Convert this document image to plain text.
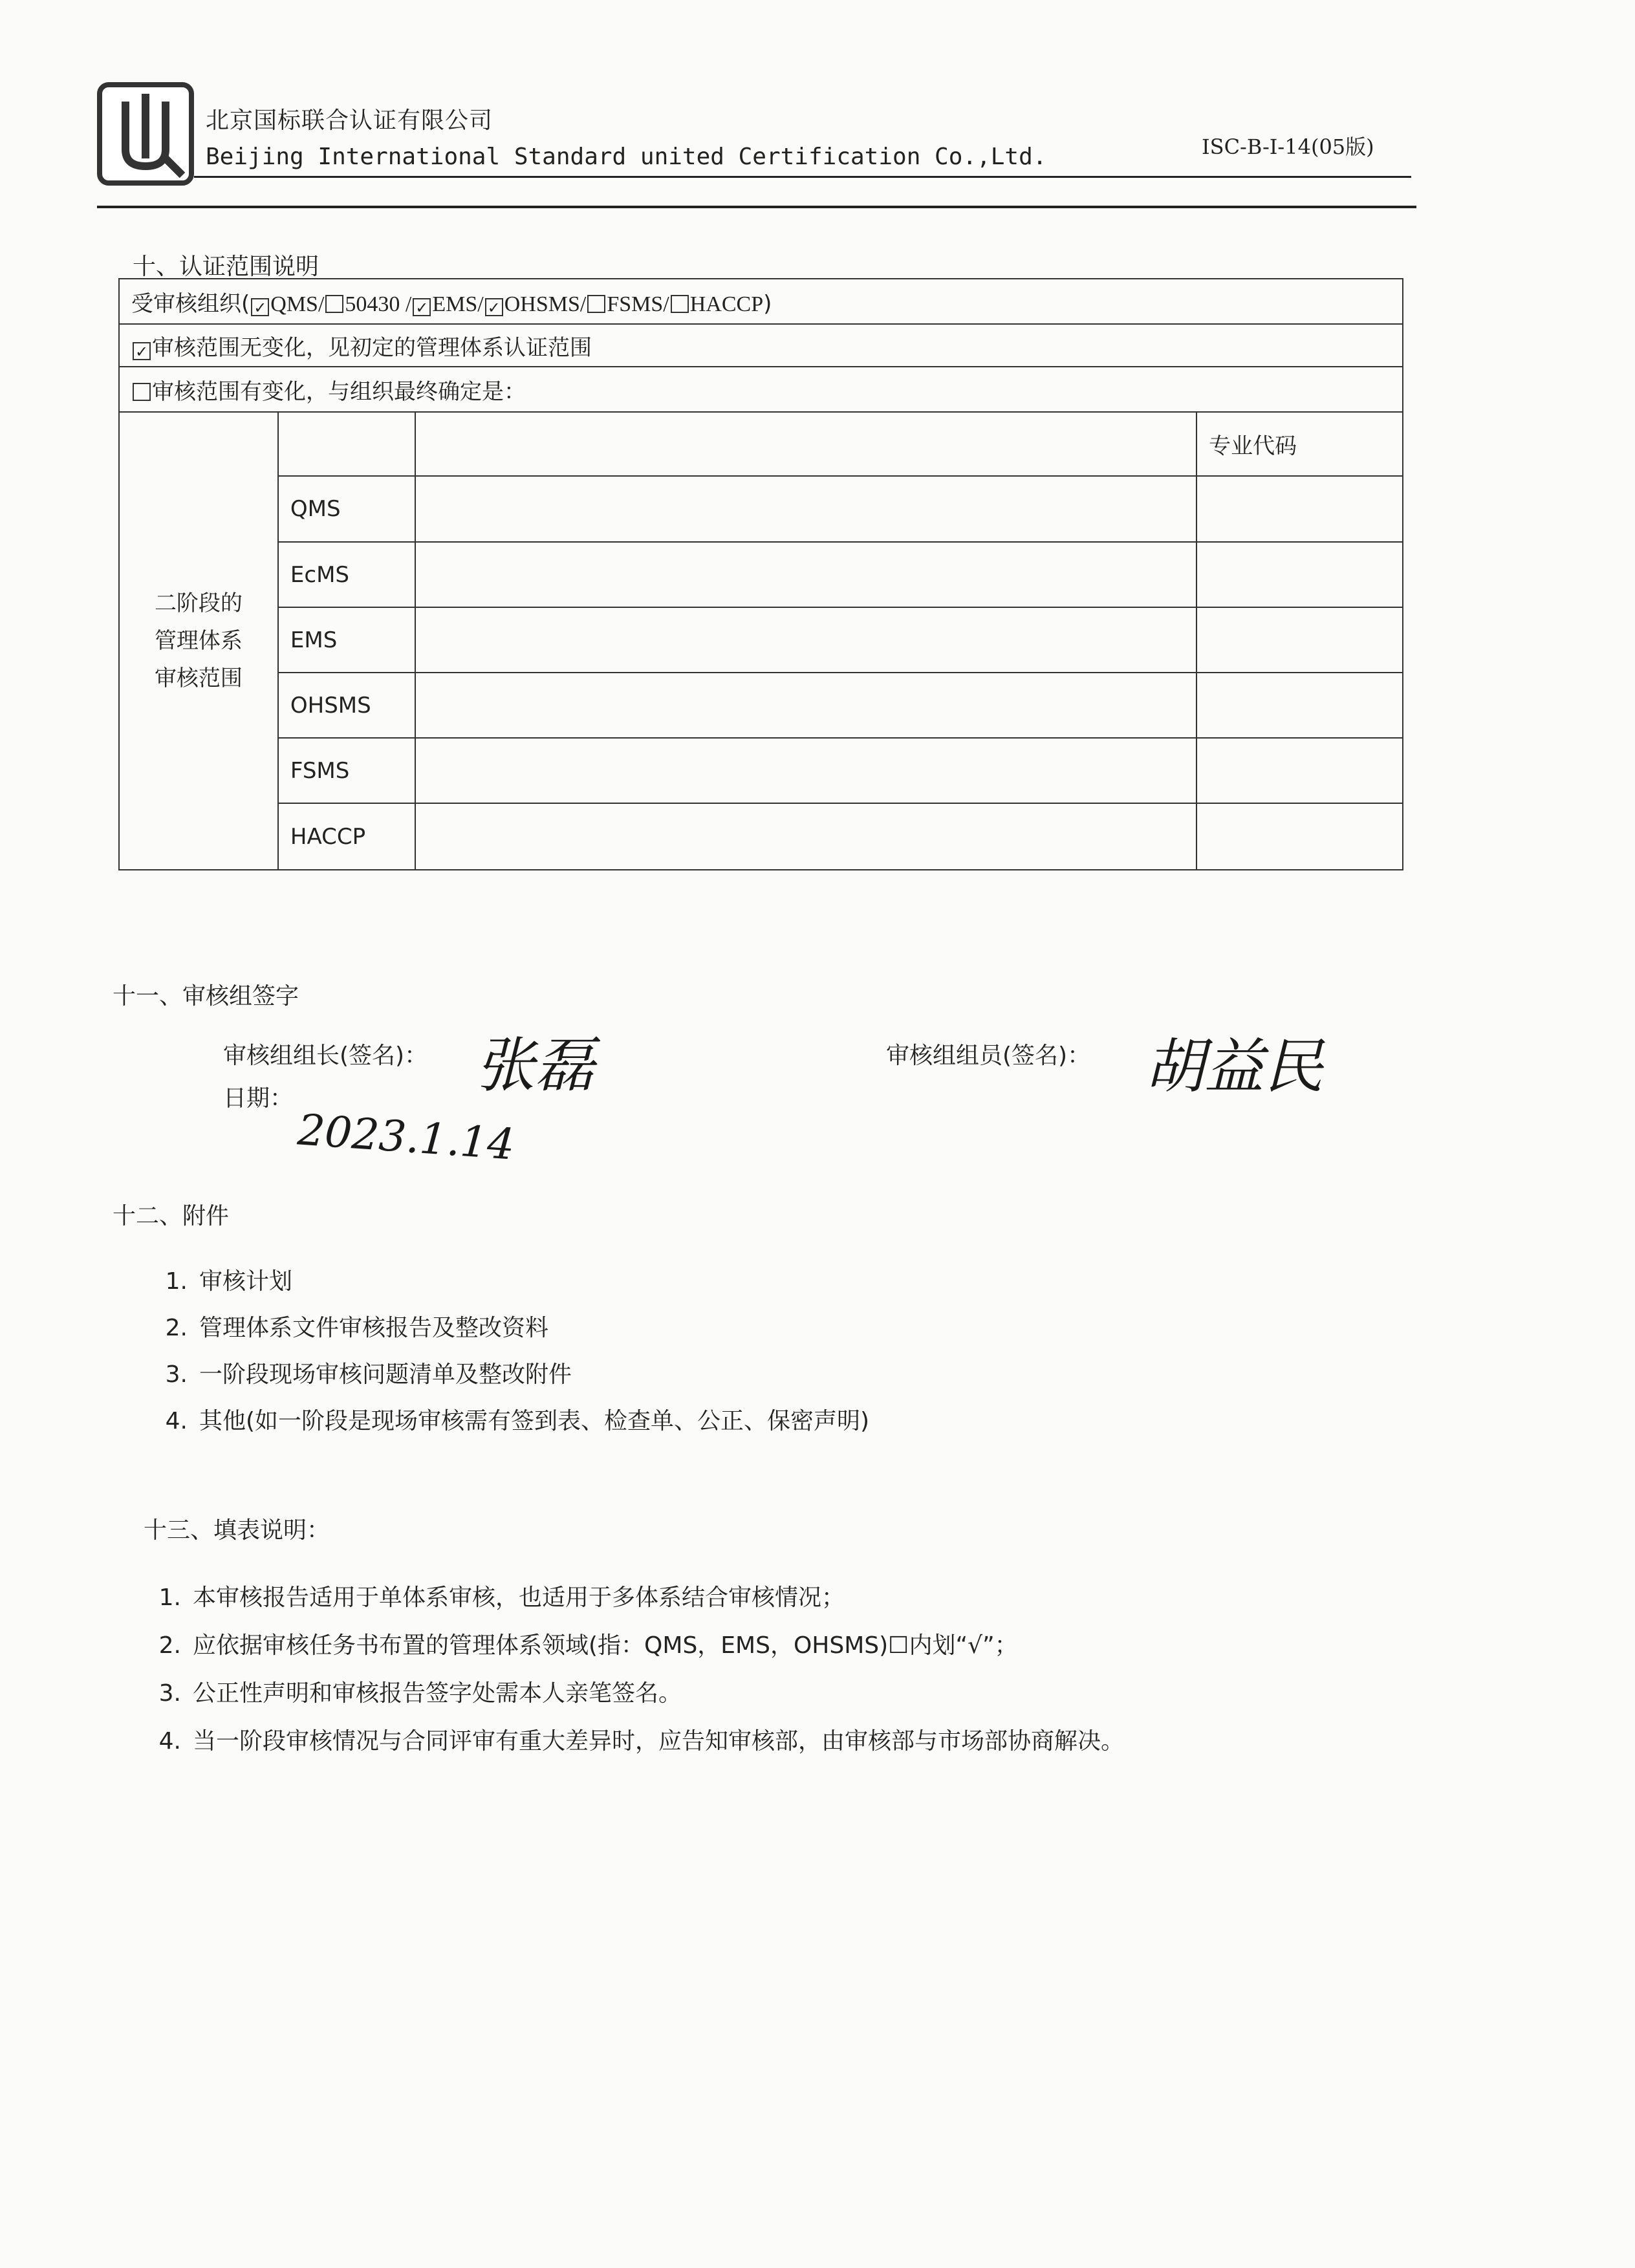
北京国标联合认证有限公司
Beijing International Standard united Certification Co.,Ltd.	ISC-B-I-14(05版)
十、认证范围说明
受审核组织( ✓ QMS/ 50430 / ✓ EMS/ ✓ OHSMS/ FSMS/ HACCP)			
✓ 审核范围无变化，见初定的管理体系认证范围			
审核范围有变化，与组织最终确定是：			

二阶段的
管理体系
审核范围			专业代码
	QMS		
	EcMS		
	EMS		
	OHSMS		
	FSMS		
	HACCP		
十一、审核组签字
审核组组长(签名)： 张磊	审核组组员(签名)： 胡益民
日期：
2023.1.14
十二、附件
1. 审核计划
2. 管理体系文件审核报告及整改资料
3. 一阶段现场审核问题清单及整改附件
4. 其他(如一阶段是现场审核需有签到表、检查单、公正、保密声明)
十三、填表说明：
1. 本审核报告适用于单体系审核，也适用于多体系结合审核情况；
2. 应依据审核任务书布置的管理体系领域(指：QMS，EMS，OHSMS)☐内划“√”；
3. 公正性声明和审核报告签字处需本人亲笔签名。
4. 当一阶段审核情况与合同评审有重大差异时，应告知审核部，由审核部与市场部协商解决。
